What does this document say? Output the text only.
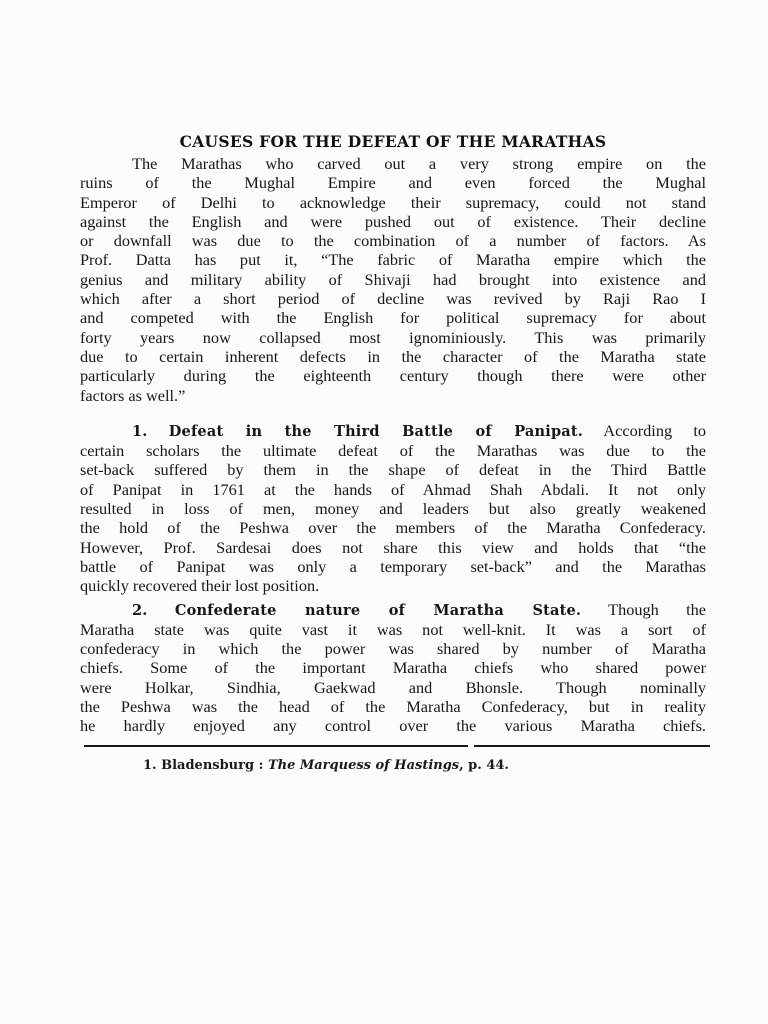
CAUSES FOR THE DEFEAT OF THE MARATHAS
The Marathas who carved out a very strong empire on the
ruins of the Mughal Empire and even forced the Mughal
Emperor of Delhi to acknowledge their supremacy, could not stand
against the English and were pushed out of existence. Their decline
or downfall was due to the combination of a number of factors. As
Prof. Datta has put it, “The fabric of Maratha empire which the
genius and military ability of Shivaji had brought into existence and
which after a short period of decline was revived by Raji Rao I
and competed with the English for political supremacy for about
forty years now collapsed most ignominiously. This was primarily
due to certain inherent defects in the character of the Maratha state
particularly during the eighteenth century though there were other
factors as well.”
1. Defeat in the Third Battle of Panipat. According to
certain scholars the ultimate defeat of the Marathas was due to the
set-back suffered by them in the shape of defeat in the Third Battle
of Panipat in 1761 at the hands of Ahmad Shah Abdali. It not only
resulted in loss of men, money and leaders but also greatly weakened
the hold of the Peshwa over the members of the Maratha Confederacy.
However, Prof. Sardesai does not share this view and holds that “the
battle of Panipat was only a temporary set-back” and the Marathas
quickly recovered their lost position.
2. Confederate nature of Maratha State. Though the
Maratha state was quite vast it was not well-knit. It was a sort of
confederacy in which the power was shared by number of Maratha
chiefs. Some of the important Maratha chiefs who shared power
were Holkar, Sindhia, Gaekwad and Bhonsle. Though nominally
the Peshwa was the head of the Maratha Confederacy, but in reality
he hardly enjoyed any control over the various Maratha chiefs.
1. Bladensburg : The Marquess of Hastings, p. 44.
